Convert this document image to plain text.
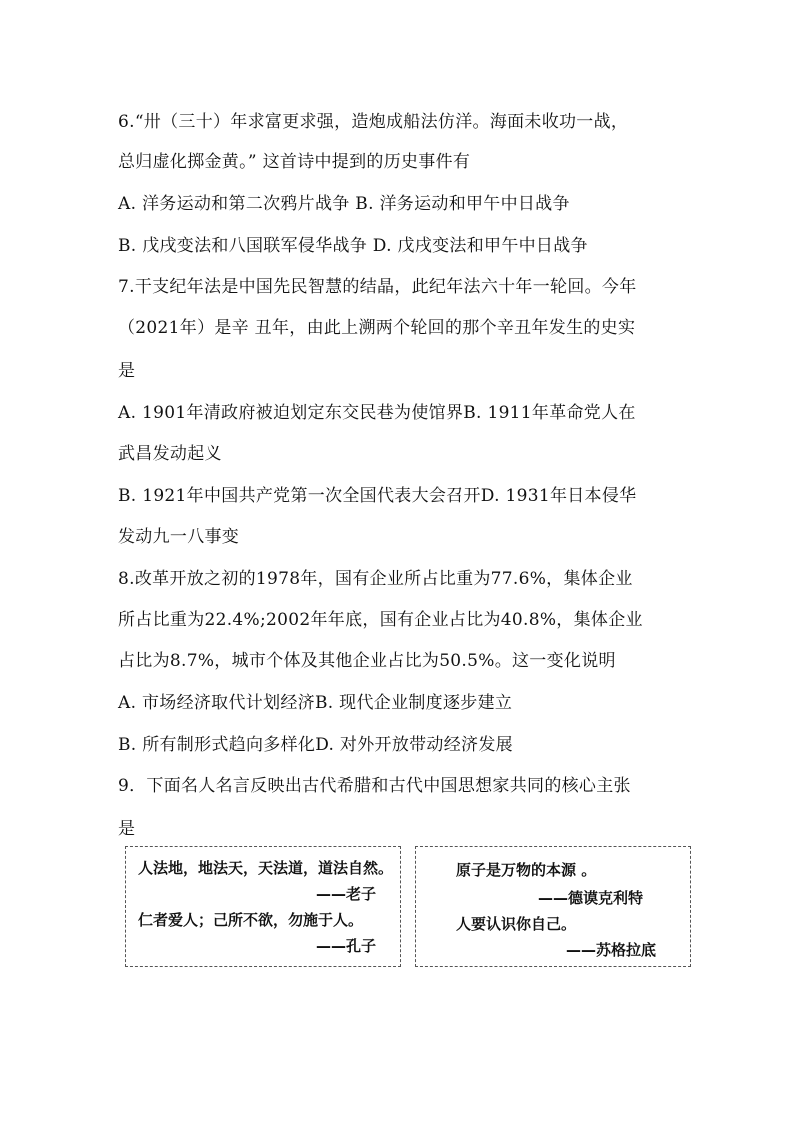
6.“卅（三十）年求富更求强，造炮成船法仿洋。海面未收功一战，
总归虚化掷金黄。” 这首诗中提到的历史事件有
A. 洋务运动和第二次鸦片战争 B. 洋务运动和甲午中日战争
B. 戊戌变法和八国联军侵华战争 D. 戊戌变法和甲午中日战争
7.干支纪年法是中国先民智慧的结晶，此纪年法六十年一轮回。今年
（2021年）是辛 丑年，由此上溯两个轮回的那个辛丑年发生的史实
是
A. 1901年清政府被迫划定东交民巷为使馆界B. 1911年革命党人在
武昌发动起义
B. 1921年中国共产党第一次全国代表大会召开D. 1931年日本侵华
发动九一八事变
8.改革开放之初的1978年，国有企业所占比重为77.6%，集体企业
所占比重为22.4%;2002年年底，国有企业占比为40.8%，集体企业
占比为8.7%，城市个体及其他企业占比为50.5%。这一变化说明
A. 市场经济取代计划经济B. 现代企业制度逐步建立
B. 所有制形式趋向多样化D. 对外开放带动经济发展
9．下面名人名言反映出古代希腊和古代中国思想家共同的核心主张
是
人法地，地法天，天法道，道法自然。
——老子
仁者爱人；己所不欲，勿施于人。
——孔子
原子是万物的本源 。
——德谟克利特
人要认识你自己。
——苏格拉底
